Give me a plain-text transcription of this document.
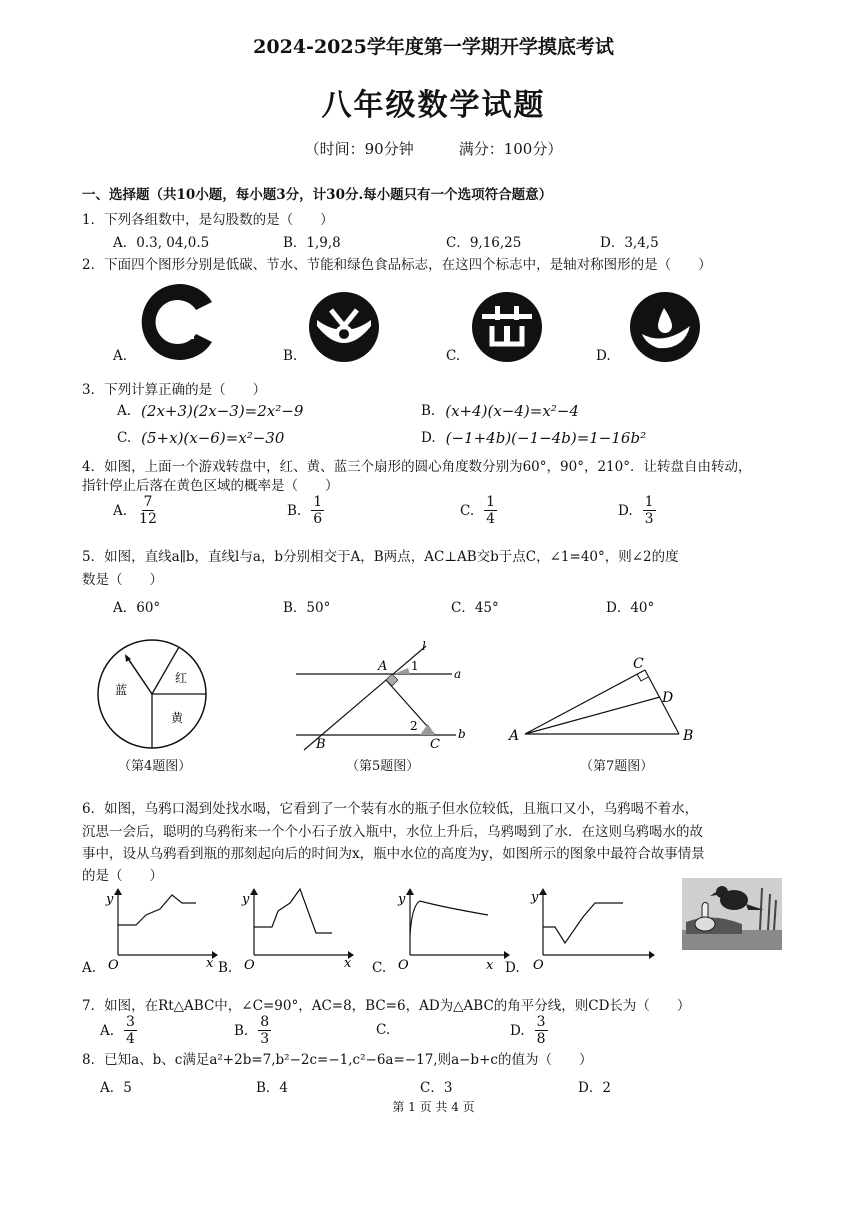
2024-2025学年度第一学期开学摸底考试
八年级数学试题
（时间：90分钟　　　满分：100分）
一、选择题（共10小题，每小题3分，计30分.每小题只有一个选项符合题意）
1．下列各组数中，是勾股数的是（　　）
A．0.3, 04,0.5	B．1,9,8	C．9,16,25	D．3,4,5
2．下面四个图形分别是低碳、节水、节能和绿色食品标志，在这四个标志中，是轴对称图形的是（　　）
A.	B.	C.	D.
3．下列计算正确的是（　　）
A. (2x+3)(2x−3)=2x²−9	B. (x+4)(x−4)=x²−4
C. (5+x)(x−6)=x²−30	D. (−1+4b)(−1−4b)=1−16b²
4．如图，上面一个游戏转盘中，红、黄、蓝三个扇形的圆心角度数分别为60°，90°，210°．让转盘自由转动，
指针停止后落在黄色区域的概率是（　　）
A. $\frac{7}{12}$	B. $\frac{1}{6}$	C. $\frac{1}{4}$	D. $\frac{1}{3}$
5．如图，直线a∥b，直线l与a，b分别相交于A，B两点，AC⊥AB交b于点C，∠1=40°，则∠2的度
数是（　　）
A．60°	B．50°	C．45°	D．40°
蓝
红
黄
（第4题图）
l
A 1
a
2
b
B	C
（第5题图）
C
D
A	B
（第7题图）
6．如图，乌鸦口渴到处找水喝，它看到了一个装有水的瓶子但水位较低，且瓶口又小，乌鸦喝不着水，
沉思一会后，聪明的乌鸦衔来一个个小石子放入瓶中，水位上升后，乌鸦喝到了水．在这则乌鸦喝水的故
事中，设从乌鸦看到瓶的那刻起向后的时间为x，瓶中水位的高度为y，如图所示的图象中最符合故事情景
的是（　　）
y
x
O
A.
y
x
O
B.
y
x
O
C.
y
O
D.
7．如图，在Rt△ABC中，∠C=90°，AC=8，BC=6，AD为△ABC的角平分线，则CD长为（　　）
A. $\frac{3}{4}$	B. $\frac{8}{3}$	C.	D. $\frac{3}{8}$
8．已知a、b、c满足a²+2b=7,b²−2c=−1,c²−6a=−17,则a−b+c的值为（　　）
A．5	B．4	C．3	D．2
第 1 页 共 4 页
